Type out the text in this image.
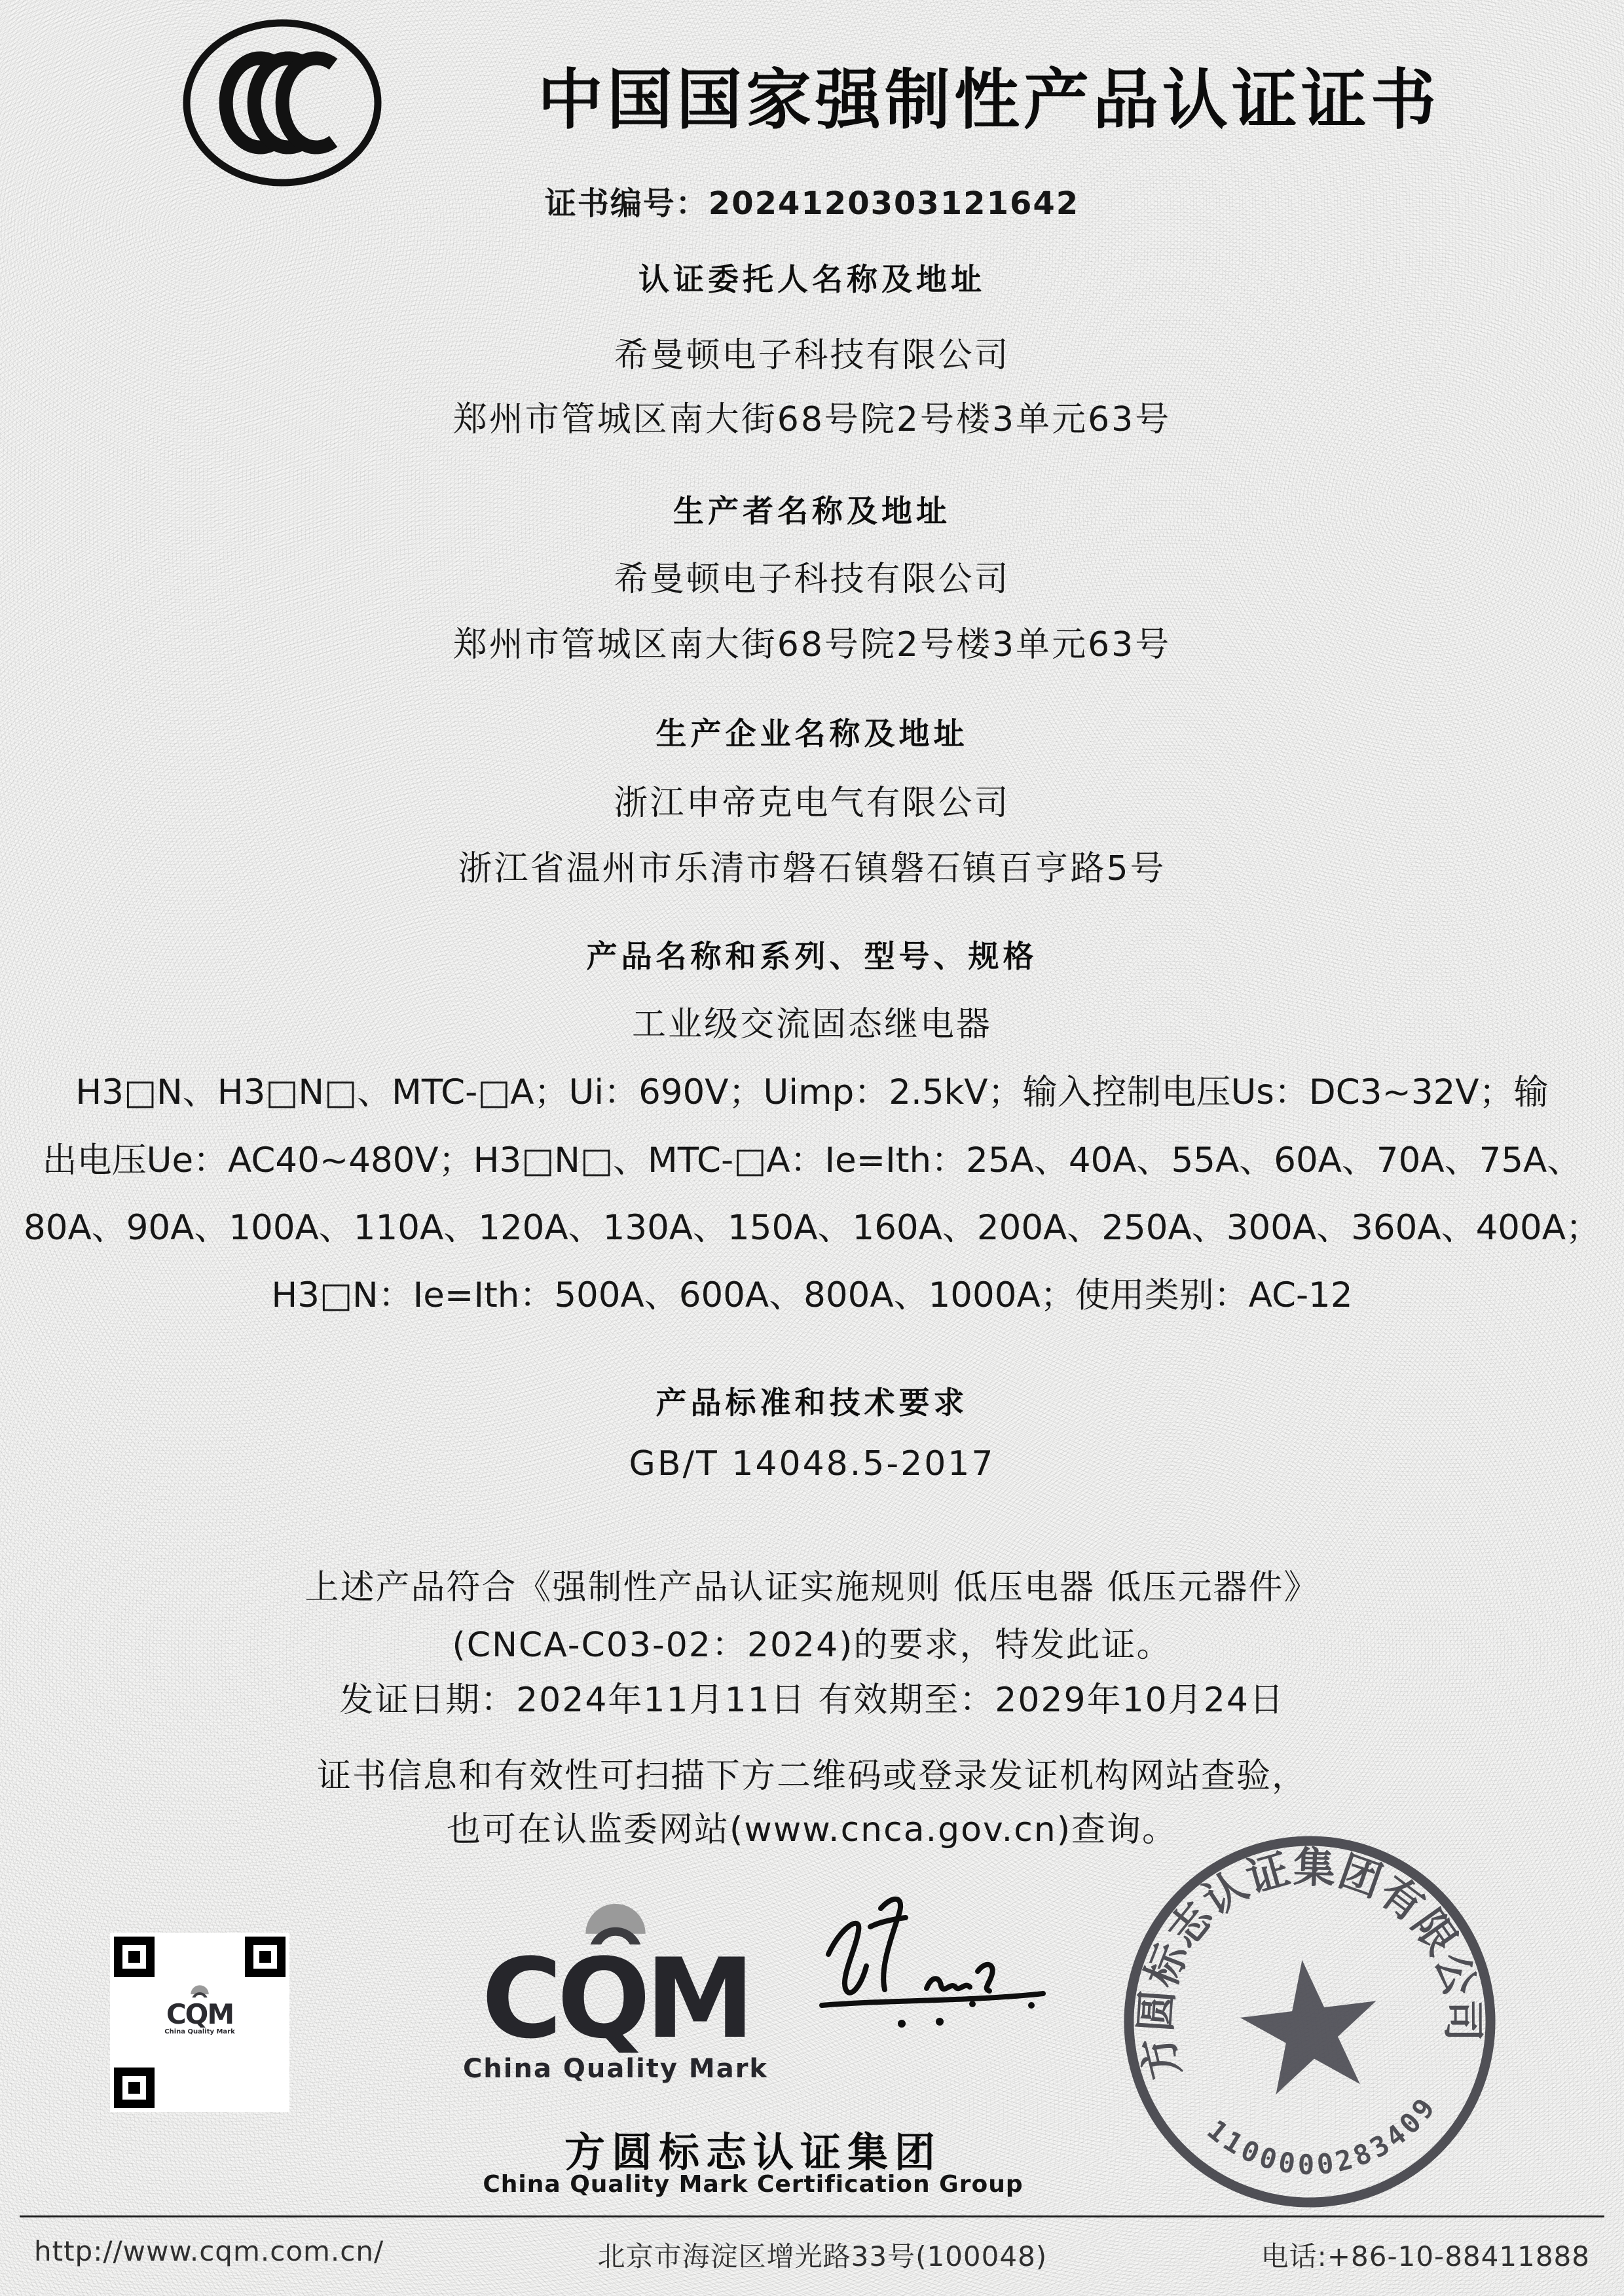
中国国家强制性产品认证证书
证书编号：2024120303121642
认证委托人名称及地址
希曼顿电子科技有限公司
郑州市管城区南大街68号院2号楼3单元63号
生产者名称及地址
希曼顿电子科技有限公司
郑州市管城区南大街68号院2号楼3单元63号
生产企业名称及地址
浙江申帝克电气有限公司
浙江省温州市乐清市磐石镇磐石镇百亨路5号
产品名称和系列、型号、规格
工业级交流固态继电器
H3□N、H3□N□、MTC-□A；Ui：690V；Uimp：2.5kV；输入控制电压Us：DC3~32V；输
出电压Ue：AC40~480V；H3□N□、MTC-□A：Ie=Ith：25A、40A、55A、60A、70A、75A、
80A、90A、100A、110A、120A、130A、150A、160A、200A、250A、300A、360A、400A；
H3□N：Ie=Ith：500A、600A、800A、1000A；使用类别：AC-12
产品标准和技术要求
GB/T 14048.5-2017
上述产品符合《强制性产品认证实施规则 低压电器 低压元器件》
(CNCA-C03-02：2024)的要求，特发此证。
发证日期：2024年11月11日 有效期至：2029年10月24日
证书信息和有效性可扫描下方二维码或登录发证机构网站查验，
也可在认监委网站(www.cnca.gov.cn)查询。
CQM
China Quality Mark CQM
China Quality Mark	方圆标志认证集团有限公司
1100000283409
方圆标志认证集团
China Quality Mark Certification Group
http://www.cqm.com.cn/	北京市海淀区增光路33号(100048)	电话:+86-10-88411888
